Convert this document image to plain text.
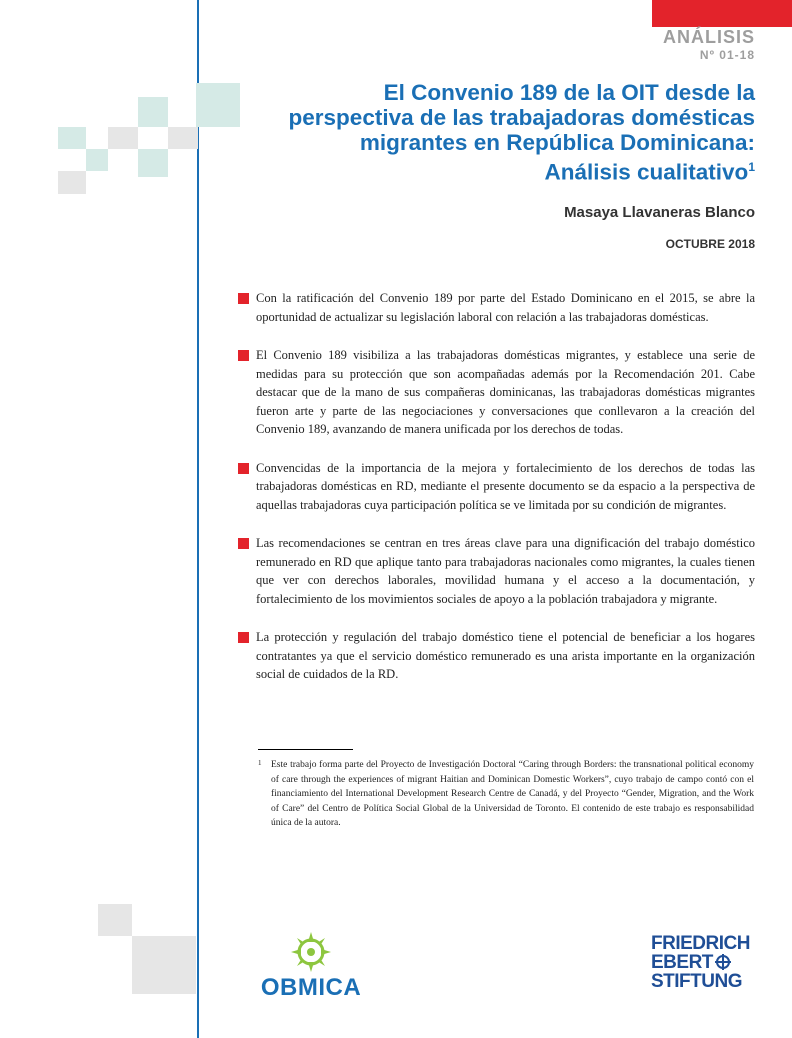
ANÁLISIS
Nº 01-18
El Convenio 189 de la OIT desde la
perspectiva de las trabajadoras domésticas
migrantes en República Dominicana:
Análisis cualitativo$^1$
Masaya Llavaneras Blanco
OCTUBRE 2018
Con la ratificación del Convenio 189 por parte del Estado Dominicano en el 2015, se abre la oportunidad de actualizar su legislación laboral con relación a las trabajadoras domésticas.
El Convenio 189 visibiliza a las trabajadoras domésticas migrantes, y establece una serie de medidas para su protección que son acompañadas además por la Recomendación 201. Cabe destacar que de la mano de sus compañeras dominicanas, las trabajadoras domésticas migrantes fueron arte y parte de las negociaciones y conversaciones que conllevaron a la creación del Convenio 189, avanzando de manera unificada por los derechos de todas.
Convencidas de la importancia de la mejora y fortalecimiento de los derechos de todas las trabajadoras domésticas en RD, mediante el presente documento se da espacio a la perspectiva de aquellas trabajadoras cuya participación política se ve limitada por su condición de migrantes.
Las recomendaciones se centran en tres áreas clave para una dignificación del trabajo doméstico remunerado en RD que aplique tanto para trabajadoras nacionales como migrantes, la cuales tienen que ver con derechos laborales, movilidad humana y el acceso a la documentación, y fortalecimiento de los movimientos sociales de apoyo a la población trabajadora y migrante.
La protección y regulación del trabajo doméstico tiene el potencial de beneficiar a los hogares contratantes ya que el servicio doméstico remunerado es una arista importante en la organización social de cuidados de la RD.
1	Este trabajo forma parte del Proyecto de Investigación Doctoral “Caring through Borders: the transnational political economy of care through the experiences of migrant Haitian and Dominican Domestic Workers”, cuyo trabajo de campo contó con el financiamiento del International Development Research Centre de Canadá, y del Proyecto “Gender, Migration, and the Work of Care” del Centro de Política Social Global de la Universidad de Toronto. El contenido de este trabajo es responsabilidad única de la autora.
OBMICA
FRIEDRICH
EBERT
STIFTUNG
